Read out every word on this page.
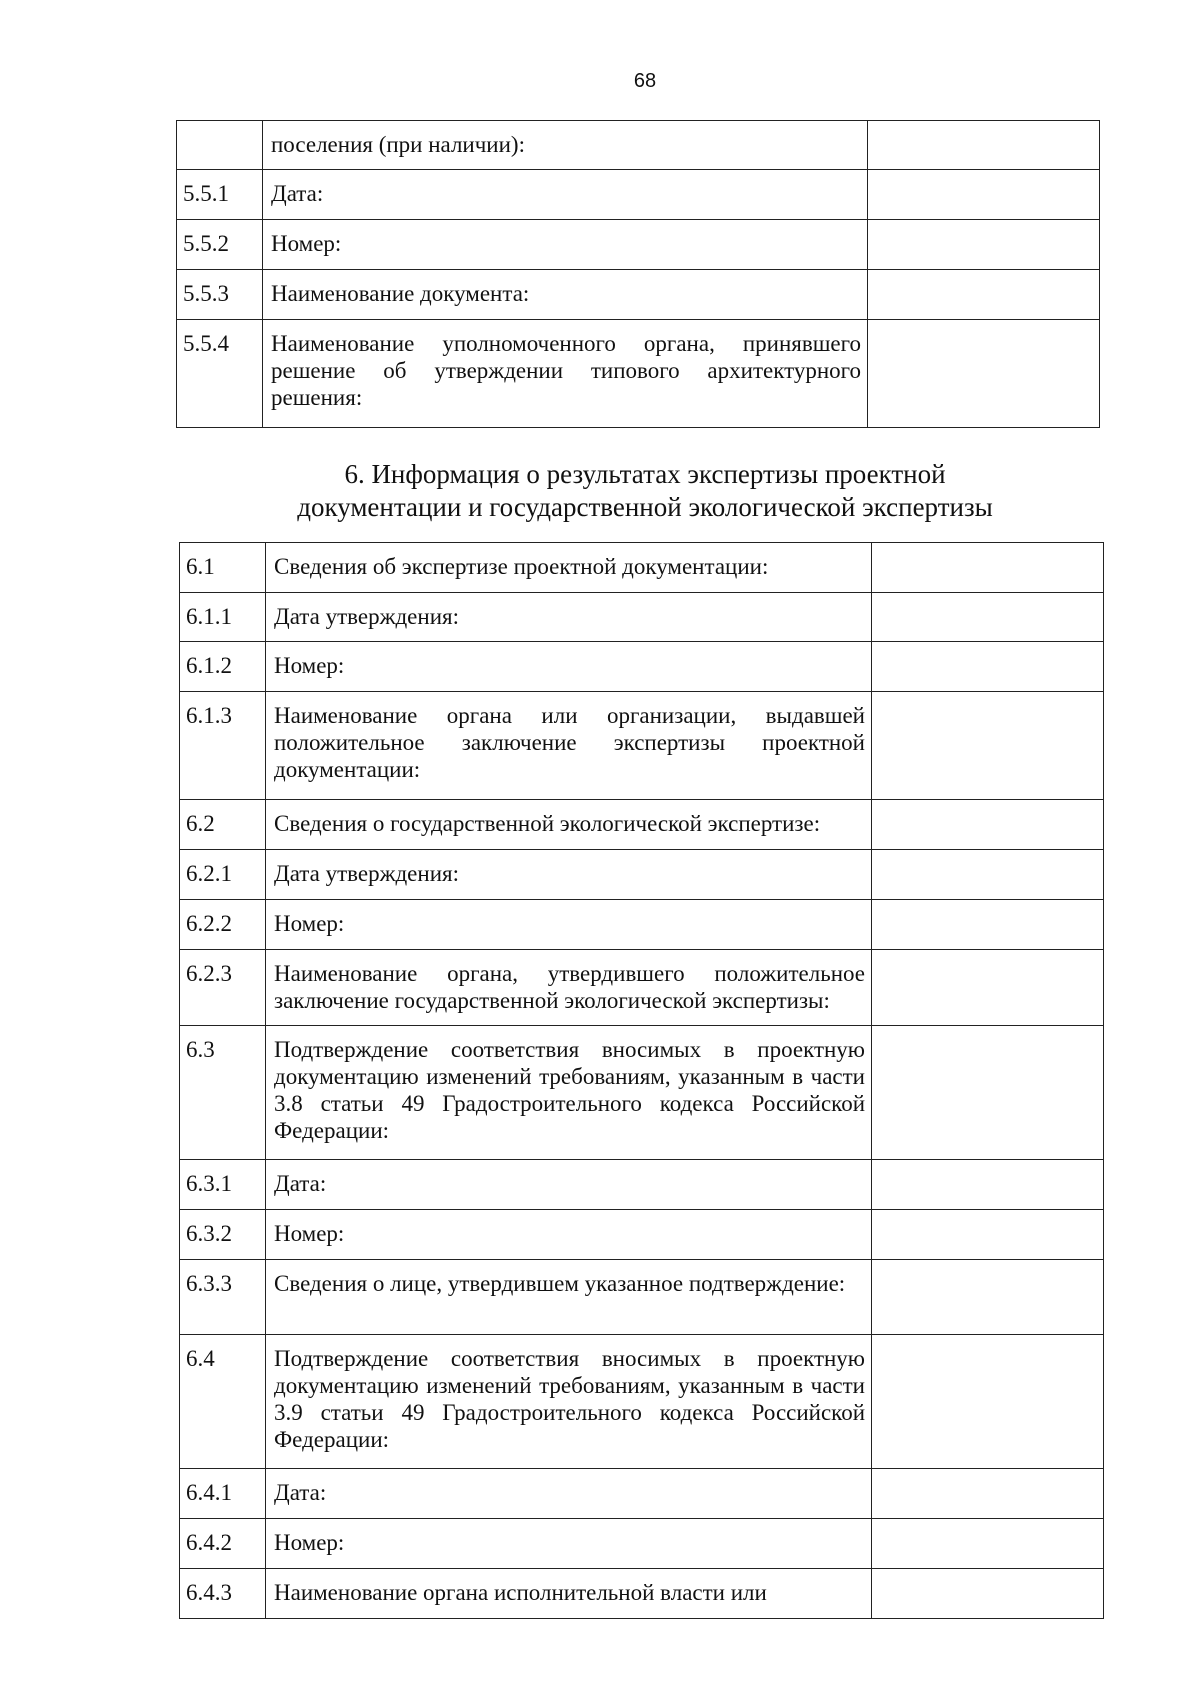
68
	поселения (при наличии):	
5.5.1	Дата:	
5.5.2	Номер:	
5.5.3	Наименование документа:	
5.5.4	Наименование уполномоченного органа, принявшего решение об утверждении типового архитектурного решения:	
6. Информация о результатах экспертизы проектной
документации и государственной экологической экспертизы
6.1	Сведения об экспертизе проектной документации:	
6.1.1	Дата утверждения:	
6.1.2	Номер:	
6.1.3	Наименование органа или организации, выдавшей положительное заключение экспертизы проектной документации:	
6.2	Сведения о государственной экологической экспертизе:	
6.2.1	Дата утверждения:	
6.2.2	Номер:	
6.2.3	Наименование органа, утвердившего положительное заключение государственной экологической экспертизы:	
6.3	Подтверждение соответствия вносимых в проектную документацию изменений требованиям, указанным в части 3.8 статьи 49 Градостроительного кодекса Российской Федерации:	
6.3.1	Дата:	
6.3.2	Номер:	
6.3.3	Сведения о лице, утвердившем указанное подтверждение:	
6.4	Подтверждение соответствия вносимых в проектную документацию изменений требованиям, указанным в части 3.9 статьи 49 Градостроительного кодекса Российской Федерации:	
6.4.1	Дата:	
6.4.2	Номер:	
6.4.3	Наименование органа исполнительной власти или	
